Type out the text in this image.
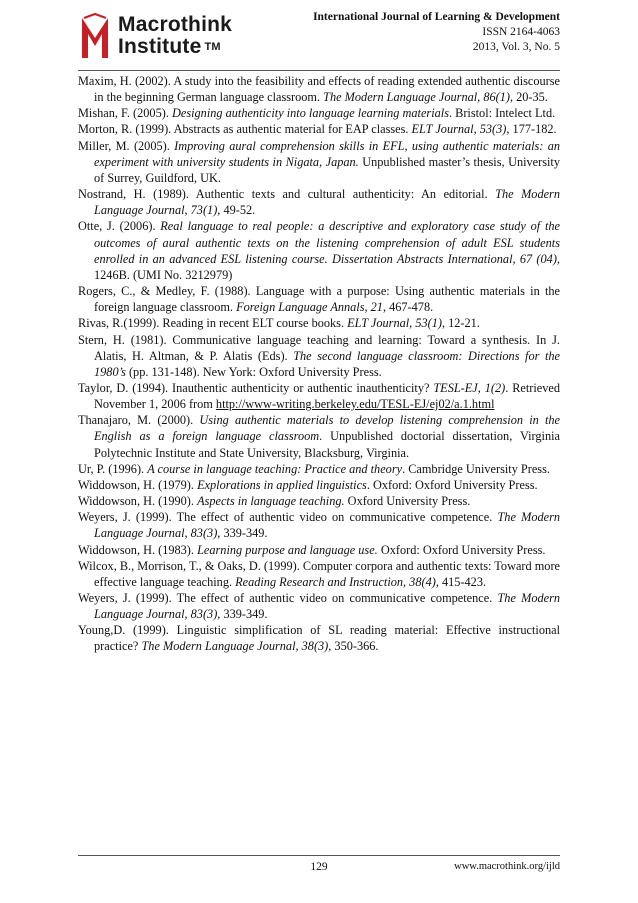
Macrothink
Institute ™
International Journal of Learning & Development
ISSN 2164-4063
2013, Vol. 3, No. 5

Maxim, H. (2002). A study into the feasibility and effects of reading extended authentic discourse in the beginning German language classroom. The Modern Language Journal, 86(1), 20-35.

Mishan, F. (2005). Designing authenticity into language learning materials. Bristol: Intelect Ltd.

Morton, R. (1999). Abstracts as authentic material for EAP classes. ELT Journal, 53(3), 177-182.

Miller, M. (2005). Improving aural comprehension skills in EFL, using authentic materials: an experiment with university students in Nigata, Japan. Unpublished master’s thesis, University of Surrey, Guildford, UK.

Nostrand, H. (1989). Authentic texts and cultural authenticity: An editorial. The Modern Language Journal, 73(1), 49-52.

Otte, J. (2006). Real language to real people: a descriptive and exploratory case study of the outcomes of aural authentic texts on the listening comprehension of adult ESL students enrolled in an advanced ESL listening course. Dissertation Abstracts International, 67 (04), 1246B. (UMI No. 3212979)

Rogers, C., & Medley, F. (1988). Language with a purpose: Using authentic materials in the foreign language classroom. Foreign Language Annals, 21, 467-478.

Rivas, R.(1999). Reading in recent ELT course books. ELT Journal, 53(1), 12-21.

Stern, H. (1981). Communicative language teaching and learning: Toward a synthesis. In J. Alatis, H. Altman, & P. Alatis (Eds). The second language classroom: Directions for the 1980’s (pp. 131-148). New York: Oxford University Press.

Taylor, D. (1994). Inauthentic authenticity or authentic inauthenticity? TESL-EJ, 1(2). Retrieved November 1, 2006 from http://www-writing.berkeley.edu/TESL-EJ/ej02/a.1.html

Thanajaro, M. (2000). Using authentic materials to develop listening comprehension in the English as a foreign language classroom. Unpublished doctorial dissertation, Virginia Polytechnic Institute and State University, Blacksburg, Virginia.

Ur, P. (1996). A course in language teaching: Practice and theory. Cambridge University Press.

Widdowson, H. (1979). Explorations in applied linguistics. Oxford: Oxford University Press.

Widdowson, H. (1990). Aspects in language teaching. Oxford University Press.

Weyers, J. (1999). The effect of authentic video on communicative competence. The Modern Language Journal, 83(3), 339-349.

Widdowson, H. (1983). Learning purpose and language use. Oxford: Oxford University Press.

Wilcox, B., Morrison, T., & Oaks, D. (1999). Computer corpora and authentic texts: Toward more effective language teaching. Reading Research and Instruction, 38(4), 415-423.

Weyers, J. (1999). The effect of authentic video on communicative competence. The Modern Language Journal, 83(3), 339-349.

Young,D. (1999). Linguistic simplification of SL reading material: Effective instructional practice? The Modern Language Journal, 38(3), 350-366.

129	www.macrothink.org/ijld
